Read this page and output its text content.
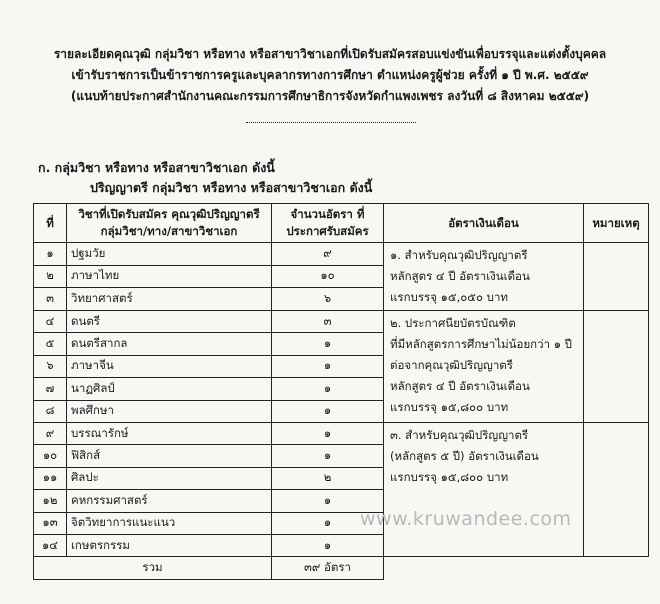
รายละเอียดคุณวุฒิ กลุ่มวิชา หรือทาง หรือสาขาวิชาเอกที่เปิดรับสมัครสอบแข่งขันเพื่อบรรจุและแต่งตั้งบุคคล
เข้ารับราชการเป็นข้าราชการครูและบุคลากรทางการศึกษา ตำแหน่งครูผู้ช่วย ครั้งที่ ๑ ปี พ.ศ. ๒๕๕๙
(แนบท้ายประกาศสำนักงานคณะกรรมการศึกษาธิการจังหวัดกำแพงเพชร ลงวันที่ ๘ สิงหาคม ๒๕๕๙)
ก. กลุ่มวิชา หรือทาง หรือสาขาวิชาเอก ดังนี้
ปริญญาตรี กลุ่มวิชา หรือทาง หรือสาขาวิชาเอก ดังนี้
ที่	วิชาที่เปิดรับสมัคร คุณวุฒิปริญญาตรี กลุ่มวิชา/ทาง/สาขาวิชาเอก	จำนวนอัตรา ที่ประกาศรับสมัคร	อัตราเงินเดือน	หมายเหตุ
๑	ปฐมวัย	๙	๑. สำหรับคุณวุฒิปริญญาตรี
หลักสูตร ๔ ปี อัตราเงินเดือน
แรกบรรจุ ๑๕,๐๕๐ บาท	

๒	ภาษาไทย	๑๐		
๓	วิทยาศาสตร์	๖		
๔	ดนตรี	๓	๒. ประกาศนียบัตรบัณฑิต
ที่มีหลักสูตรการศึกษาไม่น้อยกว่า ๑ ปี
ต่อจากคุณวุฒิปริญญาตรี
หลักสูตร ๔ ปี อัตราเงินเดือน
แรกบรรจุ ๑๕,๘๐๐ บาท	

๕	ดนตรีสากล	๑		
๖	ภาษาจีน	๑		
๗	นาฏศิลป์	๑		
๘	พลศึกษา	๑		
๙	บรรณารักษ์	๑	๓. สำหรับคุณวุฒิปริญญาตรี
(หลักสูตร ๕ ปี) อัตราเงินเดือน
แรกบรรจุ ๑๕,๘๐๐ บาท	

๑๐	ฟิสิกส์	๑		
๑๑	ศิลปะ	๒		
๑๒	คหกรรมศาสตร์	๑		
๑๓	จิตวิทยาการแนะแนว	๑		
๑๔	เกษตรกรรม	๑		
รวม		๓๙ อัตรา		
www.kruwandee.com
